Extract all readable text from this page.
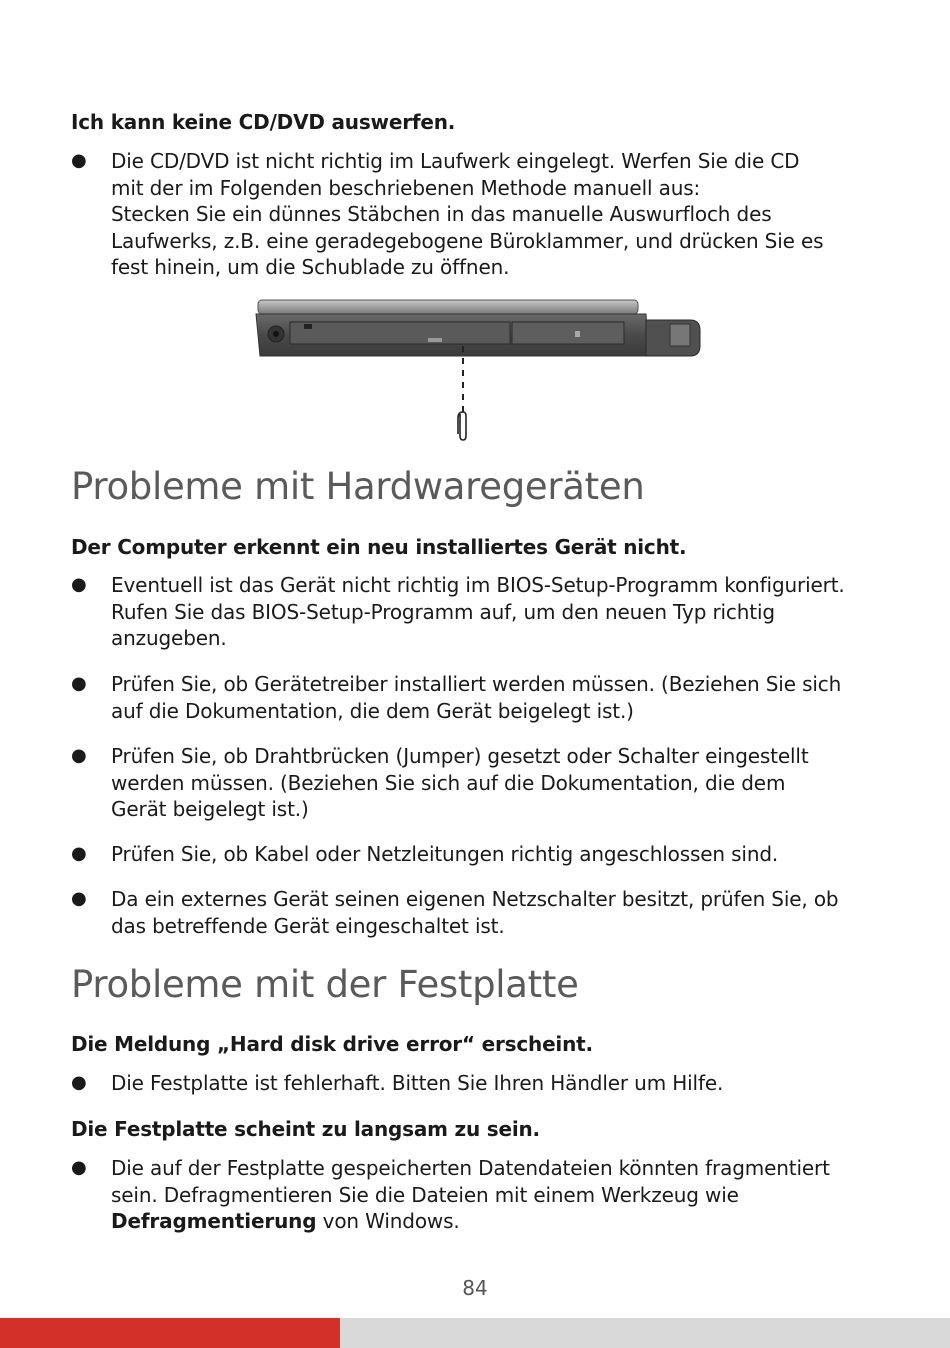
Ich kann keine CD/DVD auswerfen.

●	Die CD/DVD ist nicht richtig im Laufwerk eingelegt. Werfen Sie die CD
mit der im Folgenden beschriebenen Methode manuell aus:
Stecken Sie ein dünnes Stäbchen in das manuelle Auswurfloch des
Laufwerks, z.B. eine geradegebogene Büroklammer, und drücken Sie es
fest hinein, um die Schublade zu öffnen.
Probleme mit Hardwaregeräten

Der Computer erkennt ein neu installiertes Gerät nicht.

●	Eventuell ist das Gerät nicht richtig im BIOS-Setup-Programm konfiguriert.
Rufen Sie das BIOS-Setup-Programm auf, um den neuen Typ richtig
anzugeben.
●	Prüfen Sie, ob Gerätetreiber installiert werden müssen. (Beziehen Sie sich
auf die Dokumentation, die dem Gerät beigelegt ist.)
●	Prüfen Sie, ob Drahtbrücken (Jumper) gesetzt oder Schalter eingestellt
werden müssen. (Beziehen Sie sich auf die Dokumentation, die dem
Gerät beigelegt ist.)
●	Prüfen Sie, ob Kabel oder Netzleitungen richtig angeschlossen sind.
●	Da ein externes Gerät seinen eigenen Netzschalter besitzt, prüfen Sie, ob
das betreffende Gerät eingeschaltet ist.
Probleme mit der Festplatte

Die Meldung „Hard disk drive error“ erscheint.

●	Die Festplatte ist fehlerhaft. Bitten Sie Ihren Händler um Hilfe.

Die Festplatte scheint zu langsam zu sein.

●	Die auf der Festplatte gespeicherten Datendateien könnten fragmentiert
sein. Defragmentieren Sie die Dateien mit einem Werkzeug wie
Defragmentierung von Windows.
84
